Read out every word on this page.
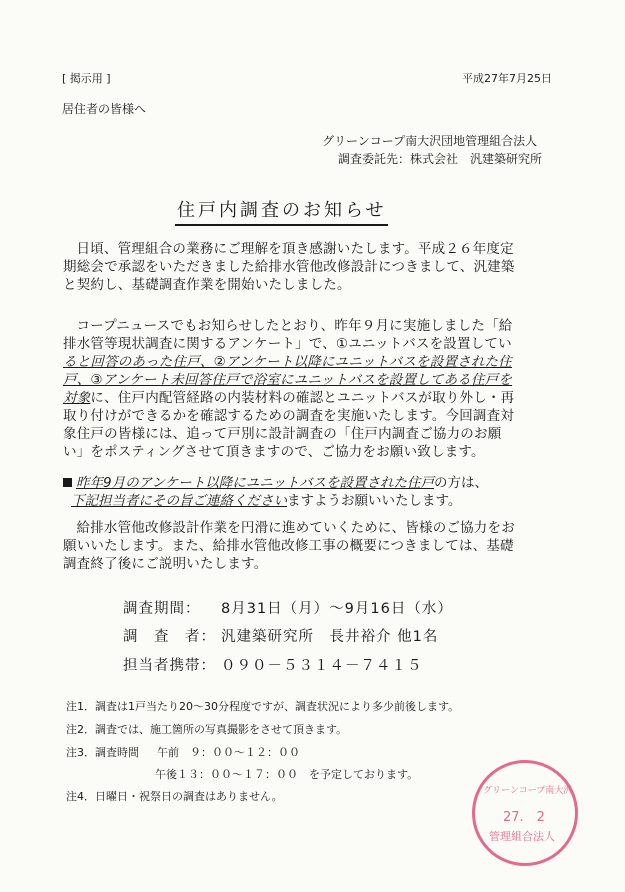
[ 掲示用 ]	平成27年7月25日
居住者の皆様へ
グリーンコープ南大沢団地管理組合法人
調査委託先：株式会社　汎建築研究所
住戸内調査のお知らせ
日頃、管理組合の業務にご理解を頂き感謝いたします。平成２６年度定
期総会で承認をいただきました給排水管他改修設計につきまして、汎建築
と契約し、基礎調査作業を開始いたしました。
コープニュースでもお知らせしたとおり、昨年９月に実施しました「給
排水管等現状調査に関するアンケート」で、①ユニットバスを設置してい
ると回答のあった住戸、②アンケート以降にユニットバスを設置された住
戸、③アンケート未回答住戸で浴室にユニットバスを設置してある住戸を
対象に、住戸内配管経路の内装材料の確認とユニットバスが取り外し・再
取り付けができるかを確認するための調査を実施いたします。今回調査対
象住戸の皆様には、追って戸別に設計調査の「住戸内調査ご協力のお願
い」をポスティングさせて頂きますので、ご協力をお願い致します。
昨年9月のアンケート以降にユニットバスを設置された住戸の方は、
下記担当者にその旨ご連絡くださいますようお願いいたします。
給排水管他改修設計作業を円滑に進めていくために、皆様のご協力をお
願いいたします。また、給排水管他改修工事の概要につきましては、基礎
調査終了後にご説明いたします。
調査期間： 8月31日（月）～9月16日（水）
調　査　者： 汎建築研究所　長井裕介 他1名
担当者携帯： ０９０－５３１４－７４１５
注1．調査は1戸当たり20～30分程度ですが、調査状況により多少前後します。
注2．調査では、施工箇所の写真撮影をさせて頂きます。
注3．調査時間 午前　９：００～１２：００
午後１３：００～１７：００　を予定しております。
注4．日曜日・祝祭日の調査はありません。	グリーンコープ南大沢
27.　2
管理組合法人
